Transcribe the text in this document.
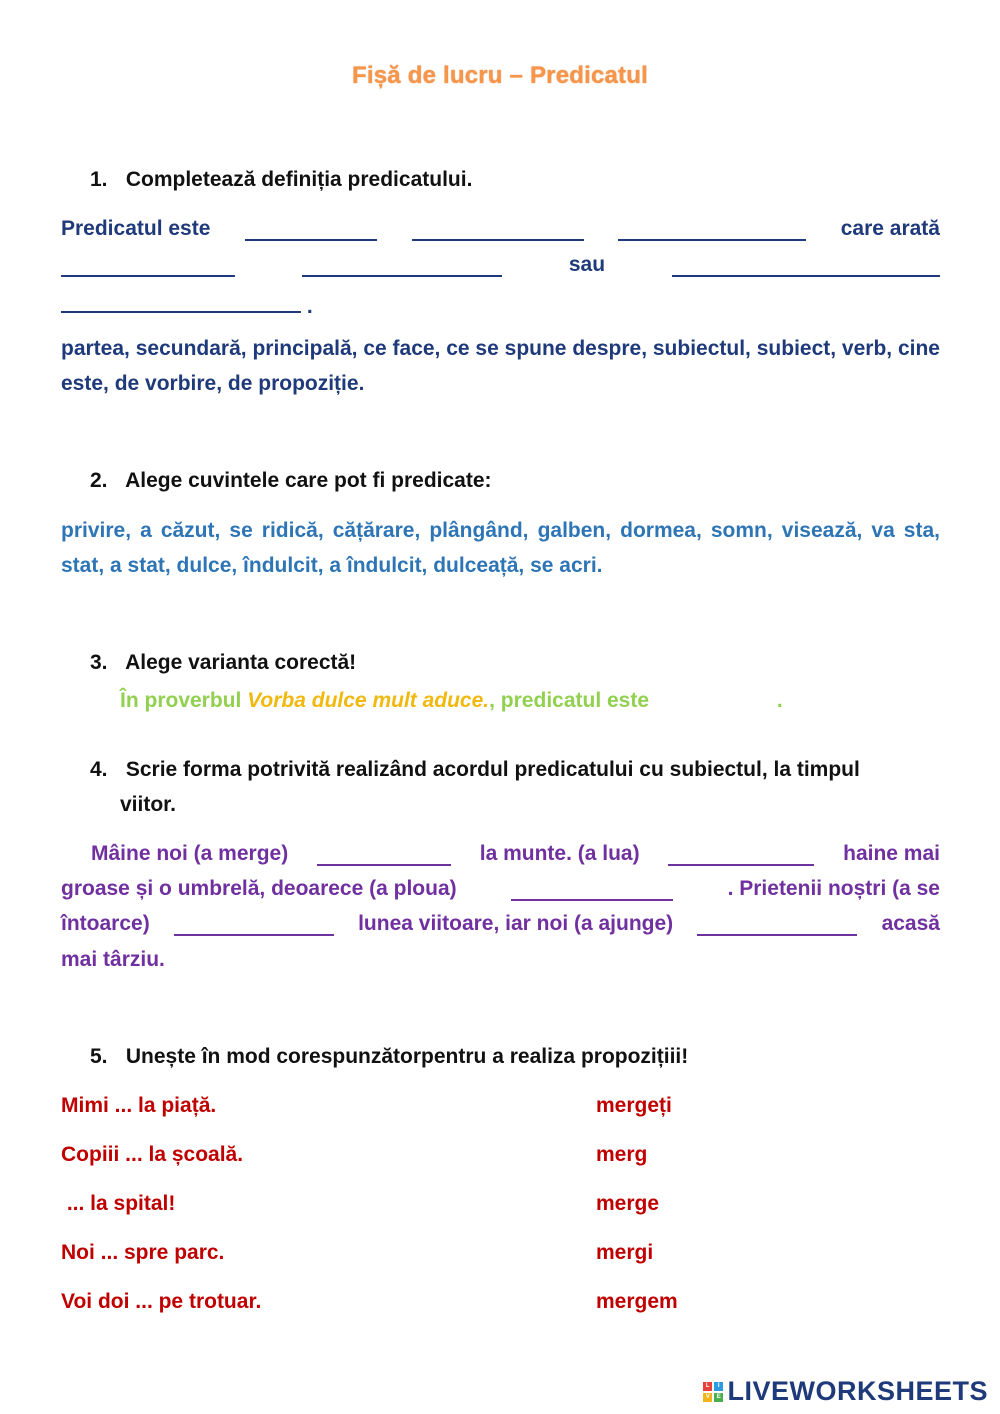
Fișă de lucru – Predicatul
1. Completează definiția predicatului.
Predicatul este	care arată
sau
.
partea, secundară, principală, ce face, ce se spune despre, subiectul, subiect, verb, cine este, de vorbire, de propoziție.
2. Alege cuvintele care pot fi predicate:
privire, a căzut, se ridică, cățărare, plângând, galben, dormea, somn, visează, va sta, stat, a stat, dulce, îndulcit, a îndulcit, dulceață, se acri.
3. Alege varianta corectă!
În proverbul Vorba dulce mult aduce., predicatul este	.
4. Scrie forma potrivită realizând acordul predicatului cu subiectul, la timpul
viitor.
Mâine noi (a merge)	la munte. (a lua)	haine mai
groase și o umbrelă, deoarece (a ploua)	. Prietenii noștri (a se
întoarce)	lunea viitoare, iar noi (a ajunge)	acasă
mai târziu.
5. Unește în mod corespunzătorpentru a realiza propozițiii!
Mimi ... la piață.	mergeți
Copiii ... la școală.	merg
... la spital!	merge
Noi ... spre parc.	mergi
Voi doi ... pe trotuar.	mergem
L	I
V	E LIVEWORKSHEETS
